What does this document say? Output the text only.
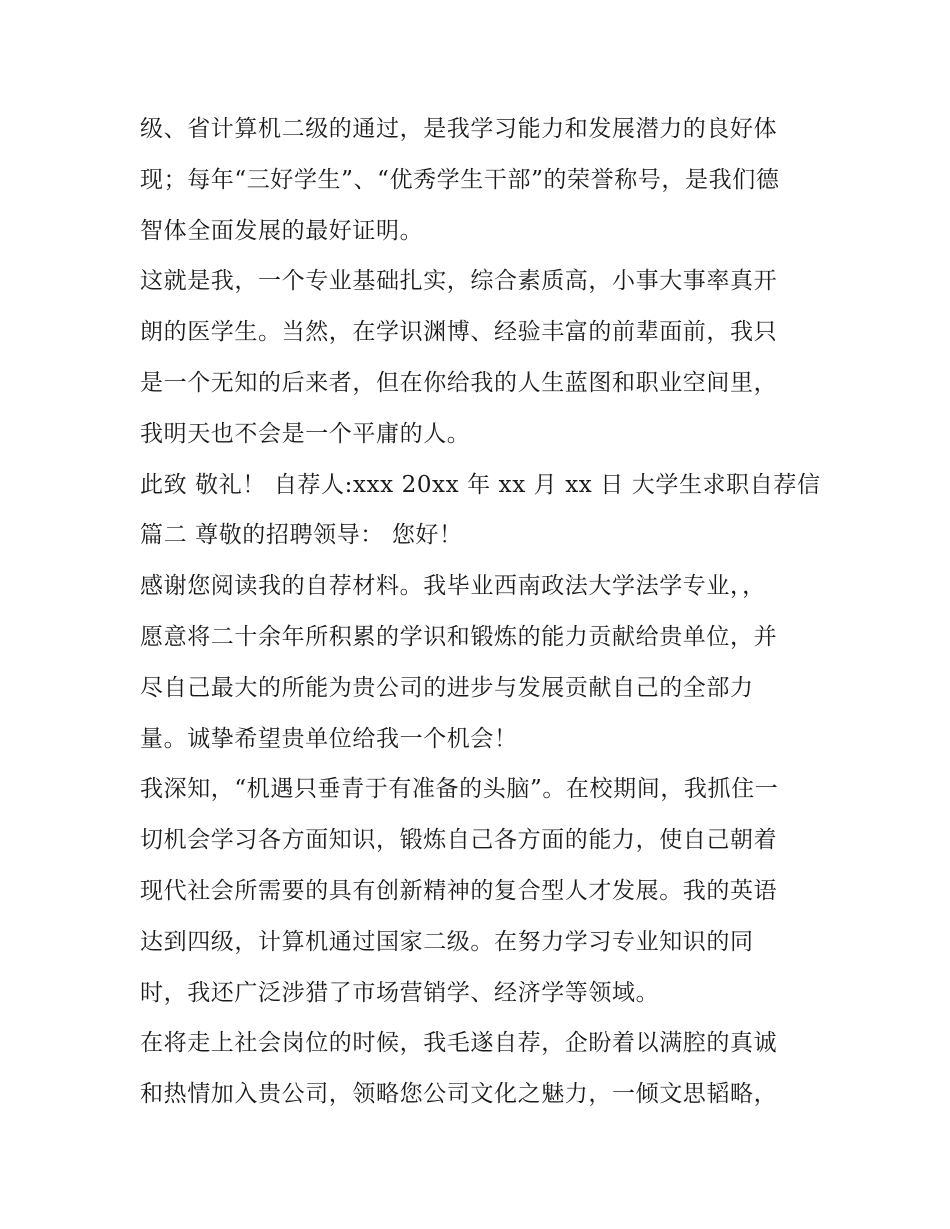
级、省计算机二级的通过，是我学习能力和发展潜力的良好体
现；每年“三好学生”、“优秀学生干部”的荣誉称号，是我们德
智体全面发展的最好证明。
这就是我，一个专业基础扎实，综合素质高，小事大事率真开
朗的医学生。当然，在学识渊博、经验丰富的前辈面前，我只
是一个无知的后来者，但在你给我的人生蓝图和职业空间里，
我明天也不会是一个平庸的人。
此致 敬礼！ 自荐人:xxx 20xx 年 xx 月 xx 日 大学生求职自荐信
篇二 尊敬的招聘领导： 您好！
感谢您阅读我的自荐材料。我毕业西南政法大学法学专业，，
愿意将二十余年所积累的学识和锻炼的能力贡献给贵单位，并
尽自己最大的所能为贵公司的进步与发展贡献自己的全部力
量。诚挚希望贵单位给我一个机会！
我深知，“机遇只垂青于有准备的头脑”。在校期间，我抓住一
切机会学习各方面知识，锻炼自己各方面的能力，使自己朝着
现代社会所需要的具有创新精神的复合型人才发展。我的英语
达到四级，计算机通过国家二级。在努力学习专业知识的同
时，我还广泛涉猎了市场营销学、经济学等领域。
在将走上社会岗位的时候，我毛遂自荐，企盼着以满腔的真诚
和热情加入贵公司，领略您公司文化之魅力，一倾文思韬略，
